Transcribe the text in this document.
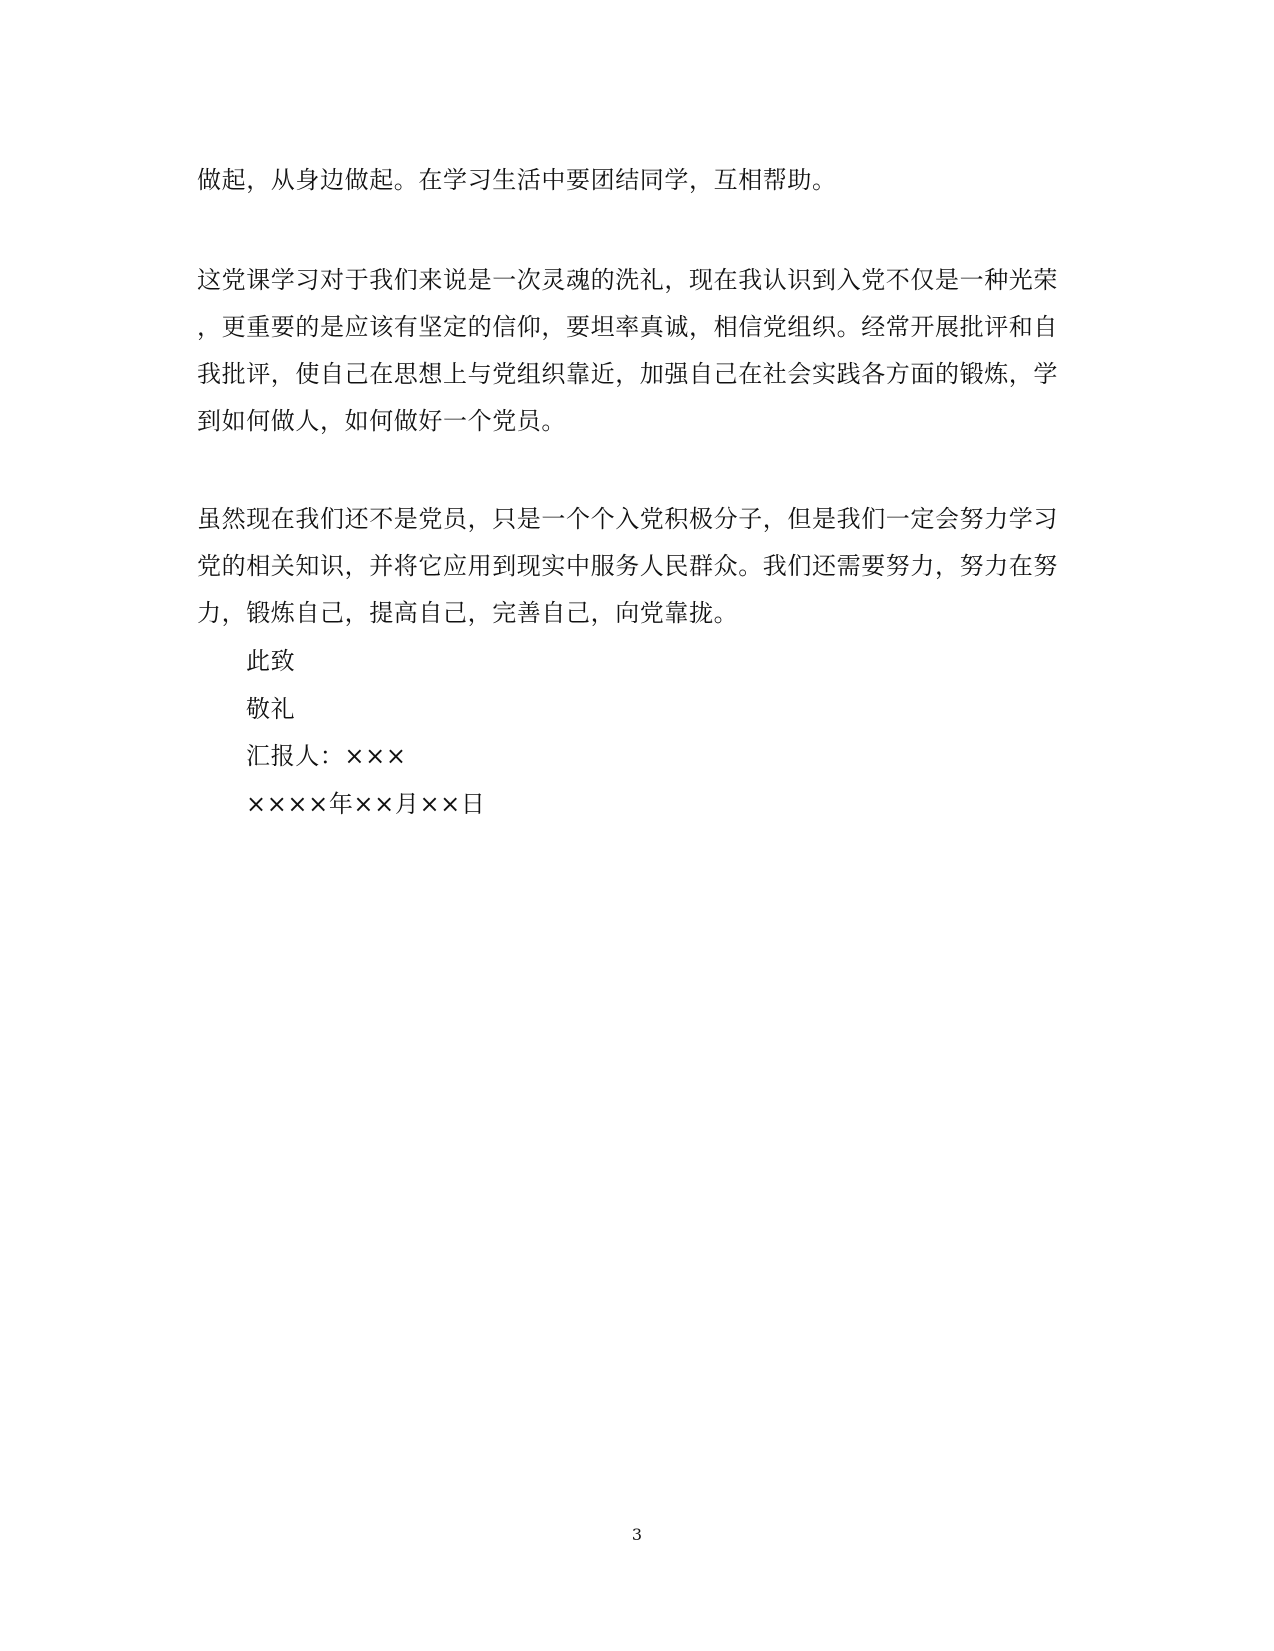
做起，从身边做起。在学习生活中要团结同学，互相帮助。
这党课学习对于我们来说是一次灵魂的洗礼，现在我认识到入党不仅是一种光荣
，更重要的是应该有坚定的信仰，要坦率真诚，相信党组织。经常开展批评和自
我批评，使自己在思想上与党组织靠近，加强自己在社会实践各方面的锻炼，学
到如何做人，如何做好一个党员。
虽然现在我们还不是党员，只是一个个入党积极分子，但是我们一定会努力学习
党的相关知识，并将它应用到现实中服务人民群众。我们还需要努力，努力在努
力，锻炼自己，提高自己，完善自己，向党靠拢。
此致
敬礼
汇报人：×××
××××年××月××日
3
